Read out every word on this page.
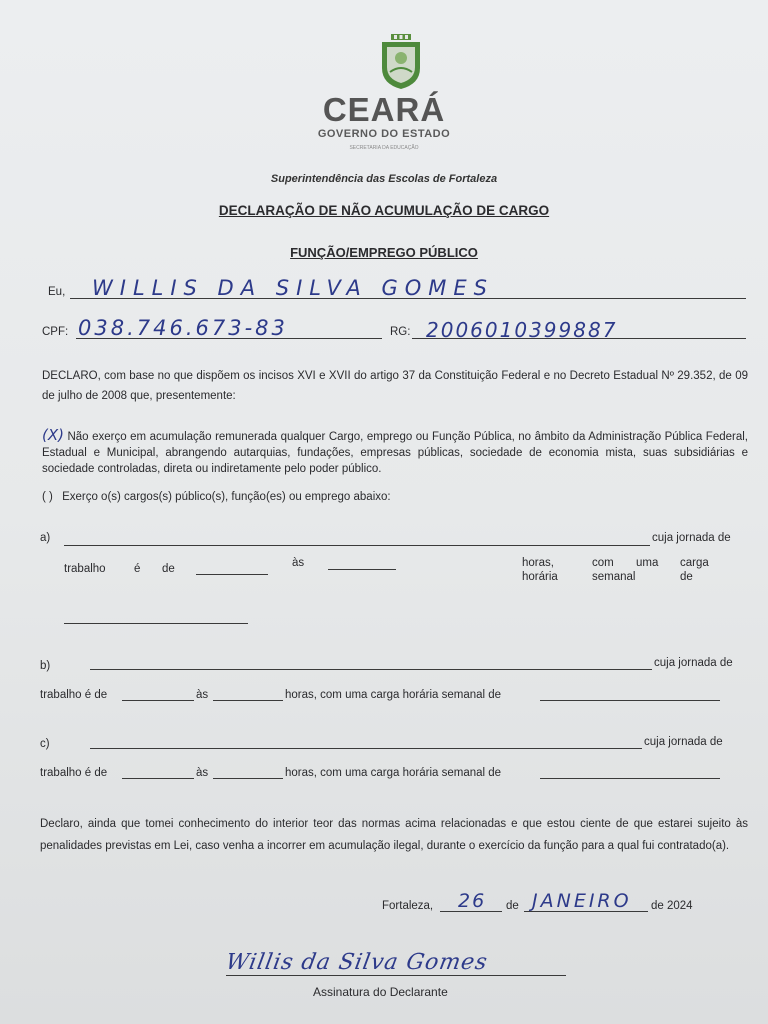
CEARÁ
GOVERNO DO ESTADO
SECRETARIA DA EDUCAÇÃO
Superintendência das Escolas de Fortaleza
DECLARAÇÃO DE NÃO ACUMULAÇÃO DE CARGO
FUNÇÃO/EMPREGO PÚBLICO
Eu, WILLIS DA SILVA GOMES
CPF: 038.746.673-83	RG: 2006010399887
DECLARO, com base no que dispõem os incisos XVI e XVII do artigo 37 da Constituição Federal e no Decreto Estadual Nº 29.352, de 09 de julho de 2008 que, presentemente:
(X) Não exerço em acumulação remunerada qualquer Cargo, emprego ou Função Pública, no âmbito da Administração Pública Federal, Estadual e Municipal, abrangendo autarquias, fundações, empresas públicas, sociedade de economia mista, suas subsidiárias e sociedade controladas, direta ou indiretamente pelo poder público.
( ) Exerço o(s) cargos(s) público(s), função(es) ou emprego abaixo:
a)	cuja jornada de
trabalho é de	às	horas,
horária
com
semanal
uma carga
de
b)	cuja jornada de
trabalho é de	às	horas, com uma carga horária semanal de
c)	cuja jornada de
trabalho é de	às	horas, com uma carga horária semanal de
Declaro, ainda que tomei conhecimento do interior teor das normas acima relacionadas e que estou ciente de que estarei sujeito às penalidades previstas em Lei, caso venha a incorrer em acumulação ilegal, durante o exercício da função para a qual fui contratado(a).
Fortaleza, 26 de JANEIRO de 2024
Willis da Silva Gomes
Assinatura do Declarante
